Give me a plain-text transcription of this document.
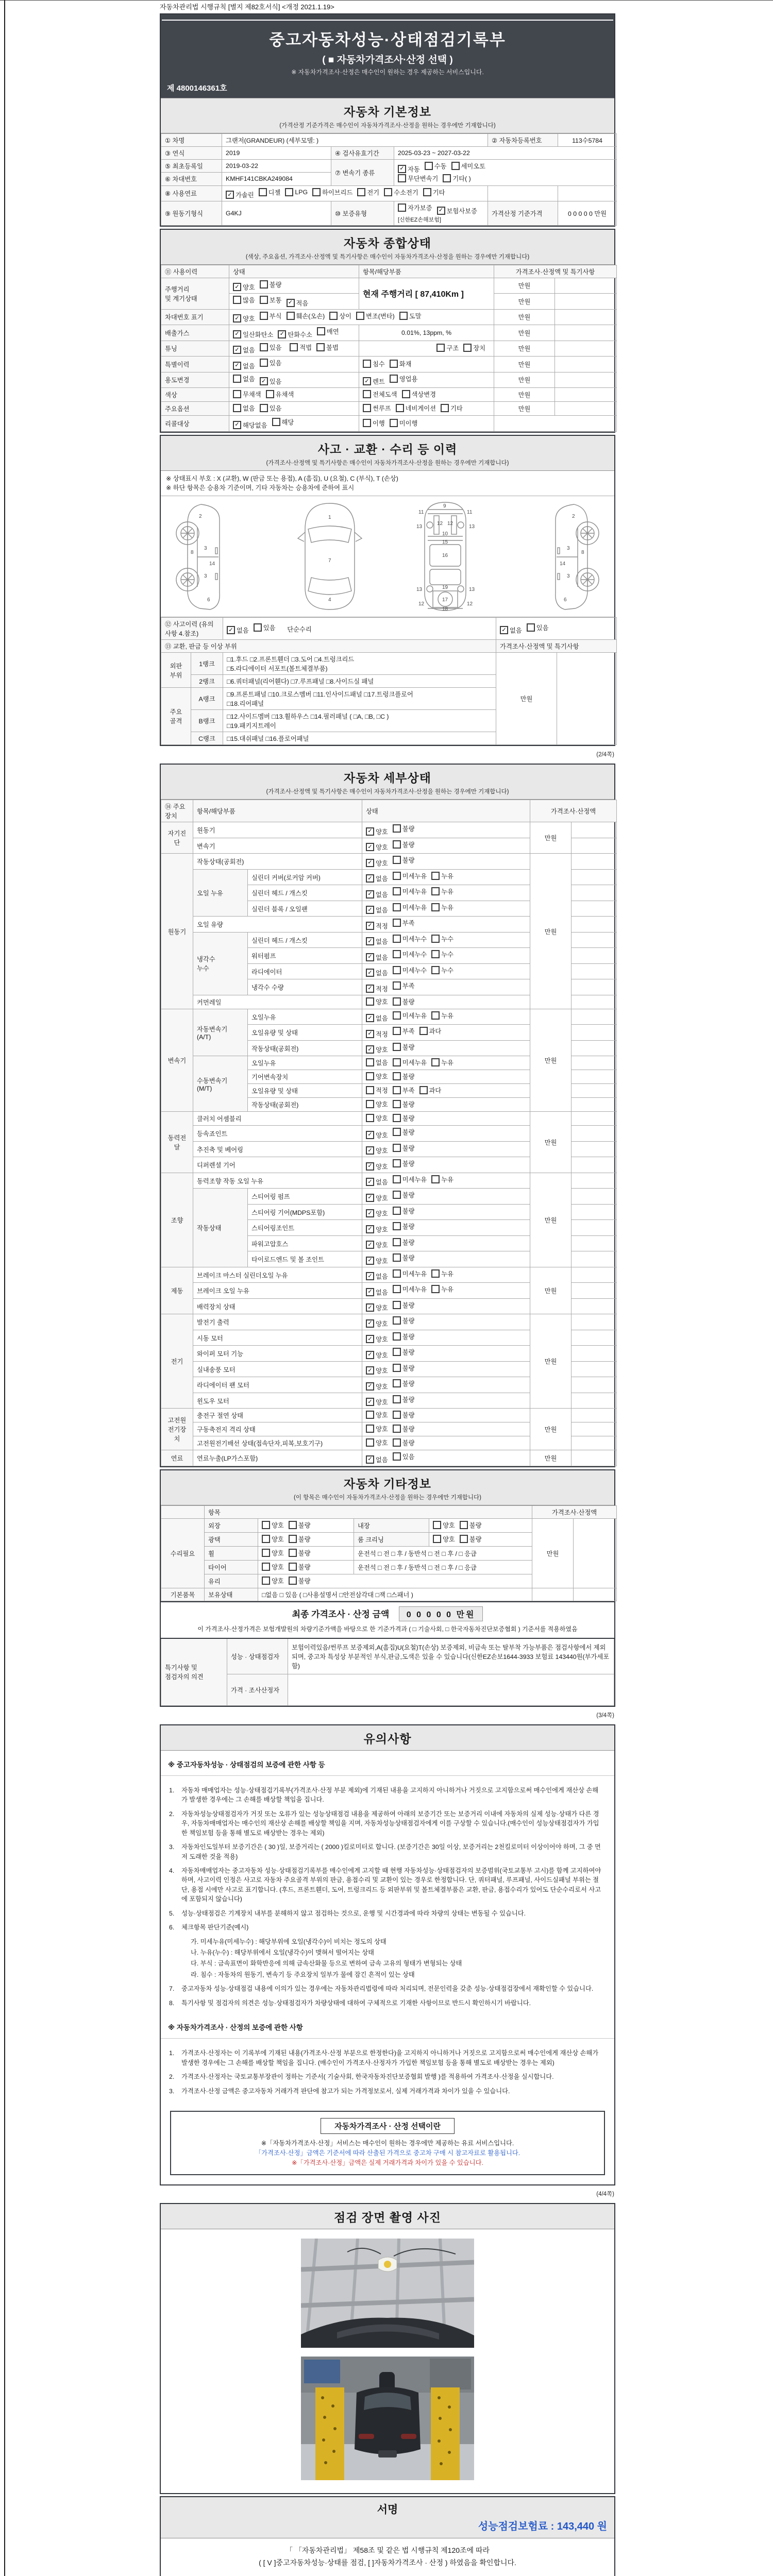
자동차관리법 시행규칙 [별지 제82호서식] <개정 2021.1.19>
중고자동차성능·상태점검기록부
( ■ 자동차가격조사·산정 선택 )
※ 자동차가격조사·산정은 매수인이 원하는 경우 제공하는 서비스입니다.
제 4800146361호
자동차 기본정보

(가격산정 기준가격은 매수인이 자동차가격조사·산정을 원하는 경우에만 기재합니다)

① 차명	그랜저(GRANDEUR) (세부모델: )			② 자동차등록번호	113수5784
③ 연식	2019	④ 검사유효기간	2025-03-23 ~ 2027-03-22		
⑤ 최초등록일	2019-03-22	⑦ 변속기 종류	
✓ 자동 수동 세미오토

무단변속기 기타( )

⑥ 차대번호	KMHF141CBKA249084				
⑧ 사용연료	✓ 가솔린 디젤 LPG 하이브리드 전기 수소전기 기타

⑨ 원동기형식	G4KJ	⑩ 보증유형	자가보증 ✓ 보험사보증
[신한EZ손해보험]	가격산정 기준가격	0 0 0 0 0 만원
자동차 종합상태

(색상, 주요옵션, 가격조사·산정액 및 특기사항은 매수인이 자동차가격조사·산정을 원하는 경우에만 기재합니다)

⑪ 사용이력	상태	항목/해당부품	가격조사·산정액 및 특기사항	
주행거리
및 계기상태	✓ 양호 불량	현재 주행거리 [ 87,410Km ]	만원	

	많음 보통 ✓ 적음		만원	
차대번호 표기	✓ 양호 부식 훼손(오손) 상이 변조(변타) 도말	만원	
배출가스	✓ 일산화탄소 ✓ 탄화수소 매연	0.01%, 13ppm, %	만원	
튜닝	✓ 없음 있음
적법 불법	구조 장치	만원	
특별이력	✓ 없음 있음	침수 화재	만원	
용도변경	없음 ✓ 있음	✓ 렌트 영업용	만원	
색상	무채색 유채색	전체도색 색상변경	만원	
주요옵션	없음 있음	썬루프 네비게이션 기타	만원	
리콜대상	✓ 해당없음 해당	이행 미이행		

사고 · 교환 · 수리 등 이력

(가격조사·산정액 및 특기사항은 매수인이 자동차가격조사·산정을 원하는 경우에만 기재합니다)

※ 상태표시 부호 : X (교환), W (판금 또는 용접), A (흠집), U (요철), C (부식), T (손상)
※ 하단 항목은 승용차 기준이며, 기타 자동차는 승용차에 준하여 표시
2
8
3
14
3
6
1
7
4
9
11	11
12 12
13	13
10
15
16
19
13	13
17
12	12
18
2
8
3
14
3
6
⑫ 사고이력 (유의사항 4.참조)		✓ 없음 있음 단순수리	✓ 없음 있음	

⑬ 교환, 판금 등 이상 부위			가격조사·산정액 및 특기사항	
외판
부위	1랭크	□1.후드 □2.프론트휀더 □3.도어 □4.트렁크리드
□5.라디에이터 서포트(볼트체결부품)	만원	
	2랭크	□6.쿼터패널(리어휀다) □7.루프패널 □8.사이드실 패널		
주요
골격	A랭크	□9.프론트패널 □10.크로스멤버 □11.인사이드패널 □17.트렁크플로어
□18.리어패널		
	B랭크	□12.사이드멤버 □13.휠하우스 □14.필러패널 ( □A, □B, □C )
□19.패키지트레이		
	C랭크	□15.대쉬패널 □16.플로어패널		
(2/4쪽)
자동차 세부상태

(가격조사·산정액 및 특기사항은 매수인이 자동차가격조사·산정을 원하는 경우에만 기재합니다)

⑭ 주요장치	항목/해당부품		상태	가격조사·산정액	
자기진단	원동기		✓ 양호 불량	만원	
	변속기		✓ 양호 불량		

원동기	작동상태(공회전)		✓ 양호 불량	만원	
	오일 누유	실린더 커버(로커암 커버)	✓ 없음 미세누유 누유		

		실린더 헤드 / 개스킷	✓ 없음 미세누유 누유		

		실린더 블록 / 오일팬	✓ 없음 미세누유 누유		

	오일 유량		✓ 적정 부족		

	냉각수
누수	실린더 헤드 / 개스킷	✓ 없음 미세누수 누수		

		워터펌프	✓ 없음 미세누수 누수		

		라디에이터	✓ 없음 미세누수 누수		

		냉각수 수량	✓ 적정 부족		

	커먼레일		양호 불량		

변속기	자동변속기
(A/T)	오일누유	✓ 없음 미세누유 누유	만원	
		오일유량 및 상태	✓ 적정 부족 과다		

		작동상태(공회전)	✓ 양호 불량		

	수동변속기
(M/T)	오일누유	없음 미세누유 누유		

		기어변속장치	양호 불량		

		오일유량 및 상태	적정 부족 과다		

		작동상태(공회전)	양호 불량		

동력전달	클러치 어셈블리		양호 불량	만원	
	등속죠인트		✓ 양호 불량		

	추진축 및 베어링		✓ 양호 불량		

	디퍼렌셜 기어		✓ 양호 불량		

조향	동력조향 작동 오일 누유		✓ 없음 미세누유 누유	만원	
	작동상태	스티어링 펌프	✓ 양호 불량		

		스티어링 기어(MDPS포함)	✓ 양호 불량		

		스티어링조인트	✓ 양호 불량		

		파워고압호스	✓ 양호 불량		

		타이로드엔드 및 볼 조인트	✓ 양호 불량		

제동	브레이크 마스터 실린더오일 누유		✓ 없음 미세누유 누유	만원	
	브레이크 오일 누유		✓ 없음 미세누유 누유		

	배력장치 상태		✓ 양호 불량		

전기	발전기 출력		✓ 양호 불량	만원	
	시동 모터		✓ 양호 불량		

	와이퍼 모터 기능		✓ 양호 불량		

	실내송풍 모터		✓ 양호 불량		

	라디에이터 팬 모터		✓ 양호 불량		

	윈도우 모터		✓ 양호 불량		

고전원
전기장치	충전구 절연 상태		양호 불량	만원	
	구동축전지 격리 상태		양호 불량		

	고전원전기배선 상태(접속단자,피복,보호기구)		양호 불량		

연료	연료누출(LP가스포함)		✓ 없음 있음	만원	
자동차 기타정보

(이 항목은 매수인이 자동차가격조사·산정을 원하는 경우에만 기재합니다)

	항목				가격조사·산정액	
수리필요	외장	양호 불량	내장	양호 불량	만원	
	광택	양호 불량	룸 크리닝	양호 불량		

	휠	양호 불량	운전석 □ 전 □ 후 / 동반석 □ 전 □ 후 / □ 응급			
	타이어	양호 불량	운전석 □ 전 □ 후 / 동반석 □ 전 □ 후 / □ 응급			
	유리	양호 불량				

기본품목	보유상태	□없음 □ 있음 ( □사용설명서 □안전삼각대 □잭 □스패너 )				
최종 가격조사 · 산정 금액 0 0 0 0 0 만원
이 가격조사·산정가격은 보험개발원의 차량기준가액을 바탕으로 한 기준가격과 ( □ 기술사회, □ 한국자동차진단보증협회 ) 기준서를 적용하였음
특기사항 및
점검자의 의견	성능 · 상태점검자	보험이력있음/썬루프 보증제외,A(흠집)U(요철)T(손상) 보증제외, 비금속 또는 탈부착 가능부품은 점검사항에서 제외되며, 중고차 특성상 부분적인 부식,판금,도색은 있을 수 있습니다(신한EZ손보1644-3933 보험료 143440원(부가세포함)
	가격 · 조사산정자	
(3/4쪽)
유의사항
※ 중고자동차성능 · 상태점검의 보증에 관한 사항 등
1.	자동차 매매업자는 성능·상태점검기록부(가격조사·산정 부분 제외)에 기재된 내용을 고지하지 아니하거나 거짓으로 고지함으로써 매수인에게 재산상 손해가 발생한 경우에는 그 손해를 배상할 책임을 집니다.
2.	자동차성능상태점검자가 거짓 또는 오류가 있는 성능상태점검 내용을 제공하여 아래의 보증기간 또는 보증거리 이내에 자동차의 실제 성능·상태가 다른 경우, 자동차매매업자는 매수인의 재산상 손해를 배상할 책임을 지며, 자동차성능상태점검자에게 이를 구상할 수 있습니다.(매수인이 성능상태점검자가 가입한 책임보험 등을 통해 별도로 배상받는 경우는 제외)
3.	자동차인도일부터 보증기간은 ( 30 )일, 보증거리는 ( 2000 )킬로미터로 합니다. (보증기간은 30일 이상, 보증거리는 2천킬로미터 이상이어야 하며, 그 중 먼저 도래한 것을 적용)
4.	자동차매매업자는 중고자동차 성능·상태점검기록부를 매수인에게 고지할 때 현행 자동차성능·상태점검자의 보증범위(국토교통부 고시)를 함께 고지하여야 하며, 사고이력 인정은 사고로 자동차 주요골격 부위의 판금, 용접수리 및 교환이 있는 경우로 한정합니다. 단, 쿼터패널, 루프패널, 사이드실패널 부위는 절단, 용접 시에만 사고로 표기합니다. (후드, 프론트휀더, 도어, 트렁크리드 등 외판부위 및 볼트체결부품은 교환, 판금, 용접수리가 있어도 단순수리로서 사고에 포함되지 않습니다)
5.	성능·상태점검은 기계장치 내부를 분해하지 않고 점검하는 것으로, 운행 및 시간경과에 따라 차량의 상태는 변동될 수 있습니다.
6.	체크항목 판단기준(예시)
가. 미세누유(미세누수) : 해당부위에 오일(냉각수)이 비치는 정도의 상태
나. 누유(누수) : 해당부위에서 오일(냉각수)이 맺혀서 떨어지는 상태
다. 부식 : 금속표면이 화학반응에 의해 금속산화물 등으로 변하여 금속 고유의 형태가 변형되는 상태
라. 침수 : 자동차의 원동기, 변속기 등 주요장치 일부가 물에 잠긴 흔적이 있는 상태
7.	중고자동차 성능·상태점검 내용에 이의가 있는 경우에는 자동차관리법령에 따라 처리되며, 전문인력을 갖춘 성능·상태점검장에서 재확인할 수 있습니다.
8.	특기사항 및 점검자의 의견은 성능·상태점검자가 차량상태에 대하여 구체적으로 기재한 사항이므로 반드시 확인하시기 바랍니다.
※ 자동차가격조사 · 산정의 보증에 관한 사항
1.	가격조사·산정자는 이 기록부에 기재된 내용(가격조사·산정 부분으로 한정한다)을 고지하지 아니하거나 거짓으로 고지함으로써 매수인에게 재산상 손해가 발생한 경우에는 그 손해를 배상할 책임을 집니다. (매수인이 가격조사·산정자가 가입한 책임보험 등을 통해 별도로 배상받는 경우는 제외)
2.	가격조사·산정자는 국토교통부장관이 정하는 기준서( 기술사회, 한국자동차진단보증협회 발행 )를 적용하여 가격조사·산정을 실시합니다.
3.	가격조사·산정 금액은 중고자동차 거래가격 판단에 참고가 되는 가격정보로서, 실제 거래가격과 차이가 있을 수 있습니다.
자동차가격조사 · 산정 선택이란
※「자동차가격조사·산정」서비스는 매수인이 원하는 경우에만 제공하는 유료 서비스입니다.
「가격조사·산정」금액은 기준서에 따라 산출된 가격으로 중고차 구매 시 참고자료로 활용됩니다.
※「가격조사·산정」금액은 실제 거래가격과 차이가 있을 수 있습니다.
(4/4쪽)
점검 장면 촬영 사진

서명
성능점검보험료 : 143,440 원
「 「자동차관리법」 제58조 및 같은 법 시행규칙 제120조에 따라
( [ V ]중고자동차성능·상태를 점검, [ ]자동차가격조사 · 산정 ) 하였음을 확인합니다.
